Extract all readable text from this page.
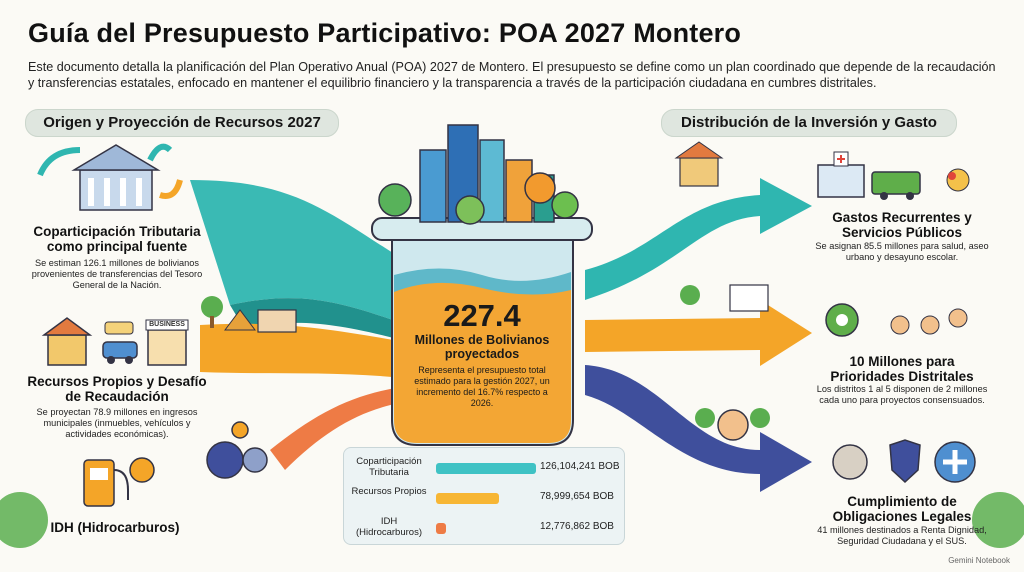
Guía del Presupuesto Participativo: POA 2027 Montero
Este documento detalla la planificación del Plan Operativo Anual (POA) 2027 de Montero. El presupuesto se define como un plan coordinado que depende de la recaudación y transferencias estatales, enfocado en mantener el equilibrio financiero y la transparencia a través de la participación ciudadana en cumbres distritales.
Origen y Proyección de Recursos 2027	Distribución de la Inversión y Gasto
BUSINESS
Coparticipación Tributaria como principal fuente
Se estiman 126.1 millones de bolivianos provenientes de transferencias del Tesoro General de la Nación.
Recursos Propios y Desafío de Recaudación
Se proyectan 78.9 millones en ingresos municipales (inmuebles, vehículos y actividades económicas).
IDH (Hidrocarburos)
227.4
Millones de Bolivianos proyectados
Representa el presupuesto total estimado para la gestión 2027, un incremento del 16.7% respecto a 2026.
Coparticipación Tributaria
126,104,241 BOB
Recursos Propios	78,999,654 BOB
IDH (Hidrocarburos)
12,776,862 BOB
Gastos Recurrentes y Servicios Públicos
Se asignan 85.5 millones para salud, aseo urbano y desayuno escolar.
10 Millones para Prioridades Distritales
Los distritos 1 al 5 disponen de 2 millones cada uno para proyectos consensuados.
Cumplimiento de Obligaciones Legales
41 millones destinados a Renta Dignidad, Seguridad Ciudadana y el SUS.
Gemini Notebook
